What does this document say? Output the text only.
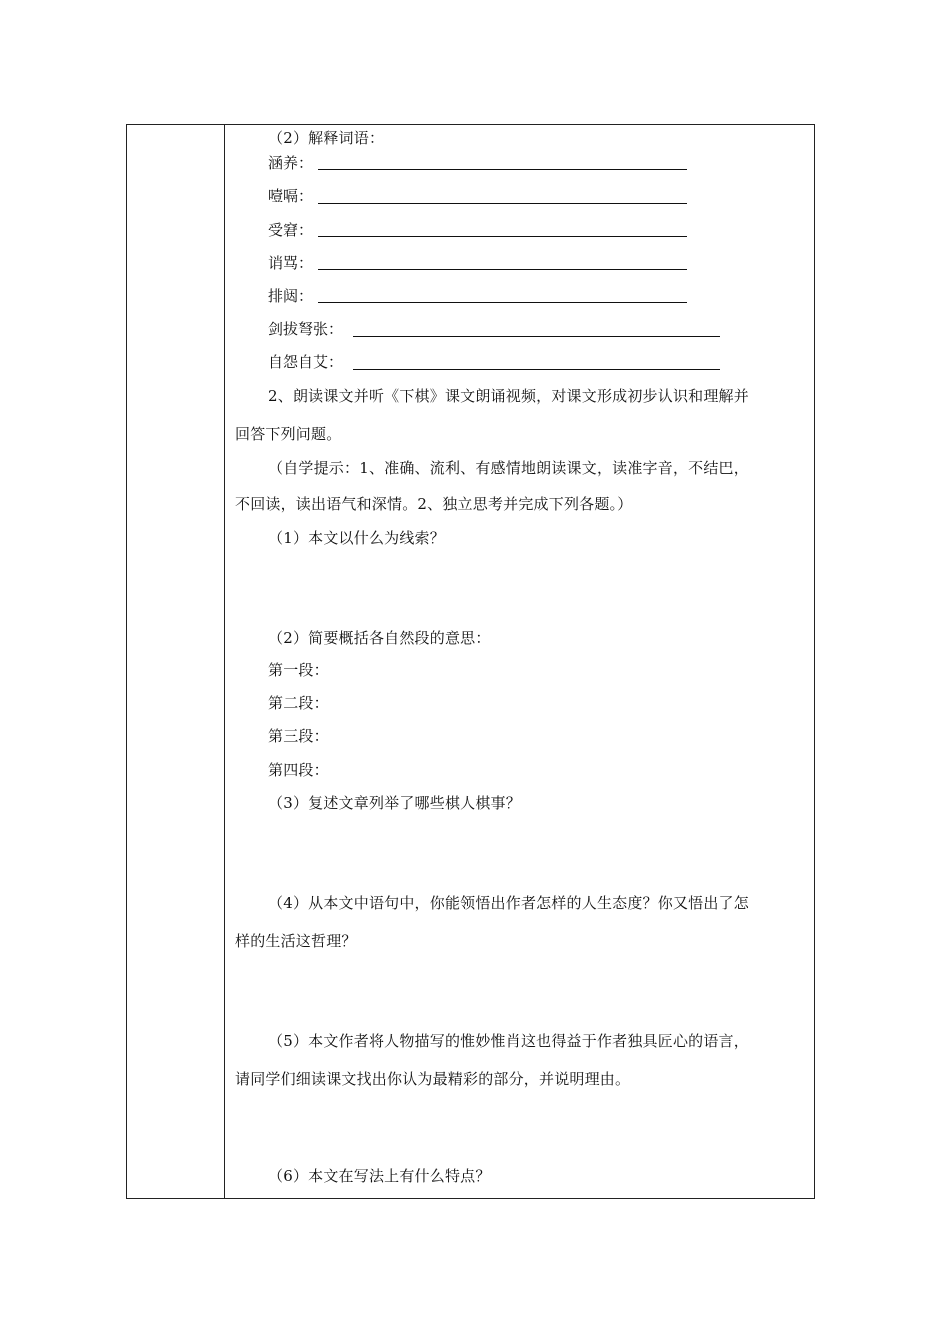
（2）解释词语：
涵养：
噎嗝：
受窘：
诮骂：
排闼：
剑拔弩张：
自怨自艾：
2、朗读课文并听《下棋》课文朗诵视频，对课文形成初步认识和理解并
回答下列问题。
（自学提示：1、准确、流利、有感情地朗读课文，读准字音，不结巴，
不回读，读出语气和深情。2、独立思考并完成下列各题。）
（1）本文以什么为线索？
（2）简要概括各自然段的意思：
第一段：
第二段：
第三段：
第四段：
（3）复述文章列举了哪些棋人棋事？
（4）从本文中语句中，你能领悟出作者怎样的人生态度？你又悟出了怎
样的生活这哲理？
（5）本文作者将人物描写的惟妙惟肖这也得益于作者独具匠心的语言，
请同学们细读课文找出你认为最精彩的部分，并说明理由。
（6）本文在写法上有什么特点？
